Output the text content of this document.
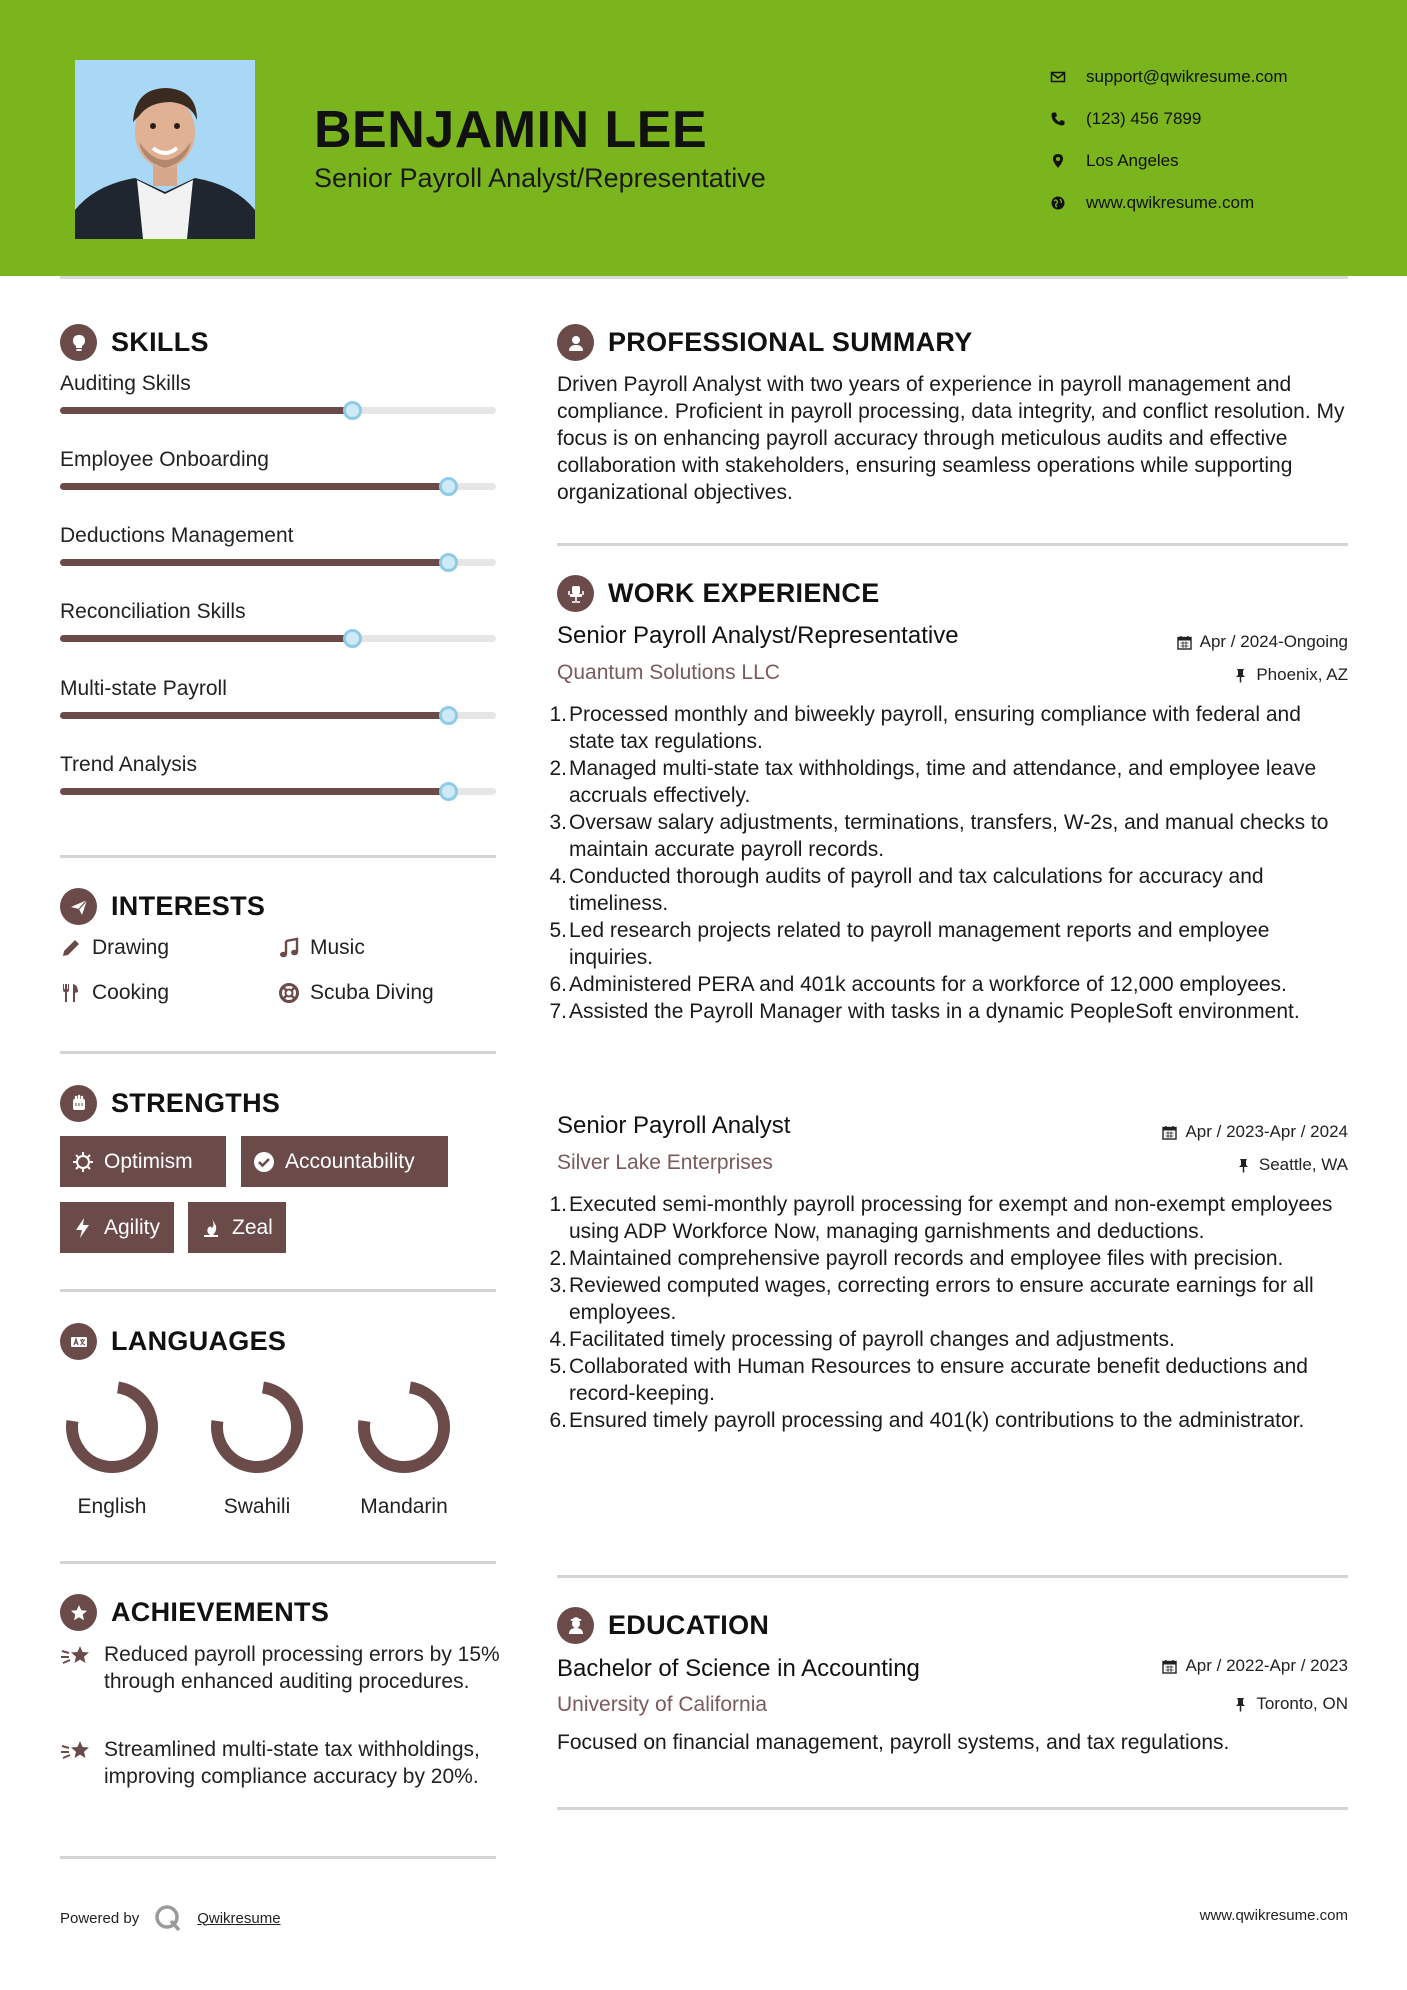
BENJAMIN LEE
Senior Payroll Analyst/Representative
support@qwikresume.com
(123) 456 7899
Los Angeles
www.qwikresume.com
SKILLS
Auditing Skills
Employee Onboarding
Deductions Management
Reconciliation Skills
Multi-state Payroll
Trend Analysis
INTERESTS
Drawing	Music
Cooking	Scuba Diving
STRENGTHS
Optimism	Accountability
Agility	Zeal
LANGUAGES
English	Swahili	Mandarin
ACHIEVEMENTS
Reduced payroll processing errors by 15% through enhanced auditing procedures.
Streamlined multi-state tax withholdings, improving compliance accuracy by 20%.
PROFESSIONAL SUMMARY
Driven Payroll Analyst with two years of experience in payroll management and compliance. Proficient in payroll processing, data integrity, and conflict resolution. My focus is on enhancing payroll accuracy through meticulous audits and effective collaboration with stakeholders, ensuring seamless operations while supporting organizational objectives.
WORK EXPERIENCE
Senior Payroll Analyst/Representative	Apr / 2024-Ongoing
Quantum Solutions LLC	Phoenix, AZ
1. Processed monthly and biweekly payroll, ensuring compliance with federal and state tax regulations.
2. Managed multi-state tax withholdings, time and attendance, and employee leave accruals effectively.
3. Oversaw salary adjustments, terminations, transfers, W-2s, and manual checks to maintain accurate payroll records.
4. Conducted thorough audits of payroll and tax calculations for accuracy and timeliness.
5. Led research projects related to payroll management reports and employee inquiries.
6. Administered PERA and 401k accounts for a workforce of 12,000 employees.
7. Assisted the Payroll Manager with tasks in a dynamic PeopleSoft environment.
Senior Payroll Analyst	Apr / 2023-Apr / 2024
Silver Lake Enterprises	Seattle, WA
1. Executed semi-monthly payroll processing for exempt and non-exempt employees using ADP Workforce Now, managing garnishments and deductions.
2. Maintained comprehensive payroll records and employee files with precision.
3. Reviewed computed wages, correcting errors to ensure accurate earnings for all employees.
4. Facilitated timely processing of payroll changes and adjustments.
5. Collaborated with Human Resources to ensure accurate benefit deductions and record-keeping.
6. Ensured timely payroll processing and 401(k) contributions to the administrator.
EDUCATION
Bachelor of Science in Accounting	Apr / 2022-Apr / 2023
University of California	Toronto, ON
Focused on financial management, payroll systems, and tax regulations.
Powered by	Qwikresume	www.qwikresume.com
